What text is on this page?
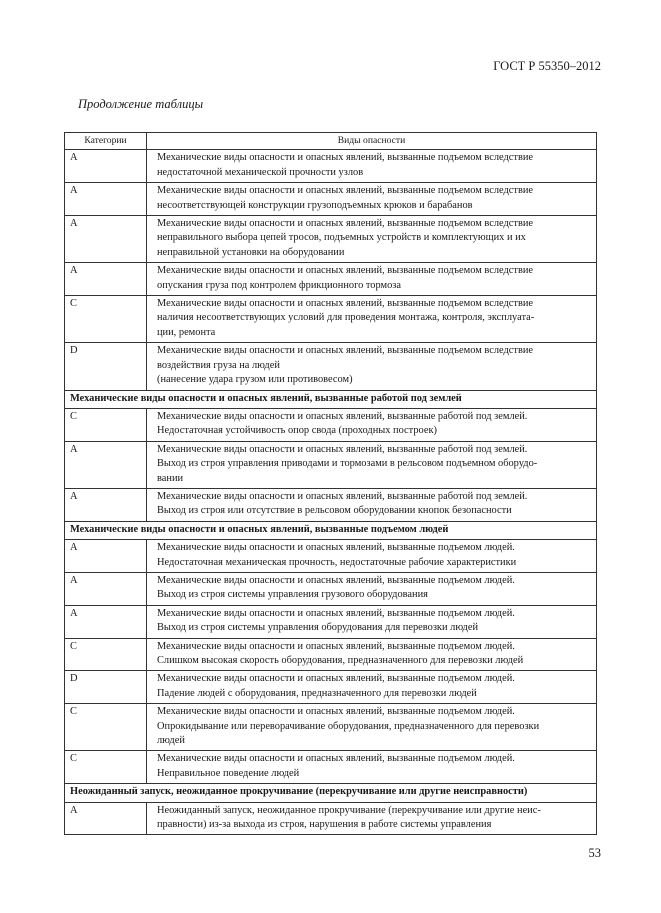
ГОСТ Р 55350–2012
Продолжение таблицы
Категории	Виды опасности
A	Механические виды опасности и опасных явлений, вызванные подъемом вследствие
недостаточной механической прочности узлов
A	Механические виды опасности и опасных явлений, вызванные подъемом вследствие
несоответствующей конструкции грузоподъемных крюков и барабанов
A	Механические виды опасности и опасных явлений, вызванные подъемом вследствие
неправильного выбора цепей тросов, подъемных устройств и комплектующих и их
неправильной установки на оборудовании
A	Механические виды опасности и опасных явлений, вызванные подъемом вследствие
опускания груза под контролем фрикционного тормоза
C	Механические виды опасности и опасных явлений, вызванные подъемом вследствие
наличия несоответствующих условий для проведения монтажа, контроля, эксплуата-
ции, ремонта
D	Механические виды опасности и опасных явлений, вызванные подъемом вследствие
воздействия груза на людей
(нанесение удара грузом или противовесом)
Механические виды опасности и опасных явлений, вызванные работой под землей	
C	Механические виды опасности и опасных явлений, вызванные работой под землей.
Недостаточная устойчивость опор свода (проходных построек)
A	Механические виды опасности и опасных явлений, вызванные работой под землей.
Выход из строя управления приводами и тормозами в рельсовом подъемном оборудо-
вании
A	Механические виды опасности и опасных явлений, вызванные работой под землей.
Выход из строя или отсутствие в рельсовом оборудовании кнопок безопасности
Механические виды опасности и опасных явлений, вызванные подъемом людей	
A	Механические виды опасности и опасных явлений, вызванные подъемом людей.
Недостаточная механическая прочность, недостаточные рабочие характеристики
A	Механические виды опасности и опасных явлений, вызванные подъемом людей.
Выход из строя системы управления грузового оборудования
A	Механические виды опасности и опасных явлений, вызванные подъемом людей.
Выход из строя системы управления оборудования для перевозки людей
C	Механические виды опасности и опасных явлений, вызванные подъемом людей.
Слишком высокая скорость оборудования, предназначенного для перевозки людей
D	Механические виды опасности и опасных явлений, вызванные подъемом людей.
Падение людей с оборудования, предназначенного для перевозки людей
C	Механические виды опасности и опасных явлений, вызванные подъемом людей.
Опрокидывание или переворачивание оборудования, предназначенного для перевозки
людей
C	Механические виды опасности и опасных явлений, вызванные подъемом людей.
Неправильное поведение людей
Неожиданный запуск, неожиданное прокручивание (перекручивание или другие неисправности)	
A	Неожиданный запуск, неожиданное прокручивание (перекручивание или другие неис-
правности) из-за выхода из строя, нарушения в работе системы управления
53
